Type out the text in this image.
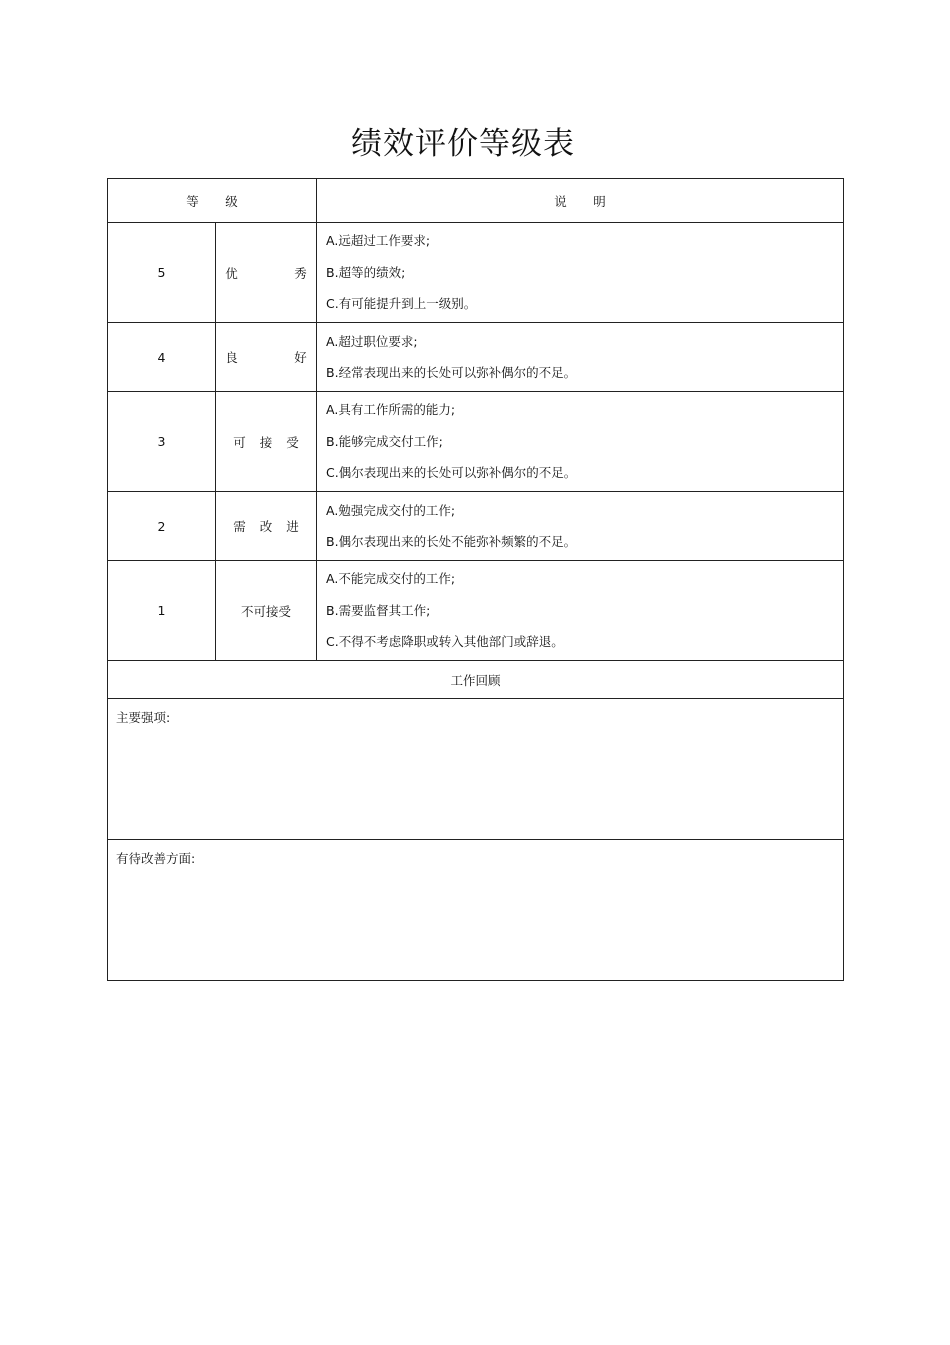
绩效评价等级表
等 级		说 明
5	优 秀	A.远超过工作要求;
B.超等的绩效;
C.有可能提升到上一级别。

4	良 好	A.超过职位要求;
B.经常表现出来的长处可以弥补偶尔的不足。

3	可 接 受	A.具有工作所需的能力;
B.能够完成交付工作;
C.偶尔表现出来的长处可以弥补偶尔的不足。

2	需 改 进	A.勉强完成交付的工作;
B.偶尔表现出来的长处不能弥补频繁的不足。

1	不可接受	A.不能完成交付的工作;
B.需要监督其工作;
C.不得不考虑降职或转入其他部门或辞退。

工作回顾		
主要强项:		
有待改善方面:		
